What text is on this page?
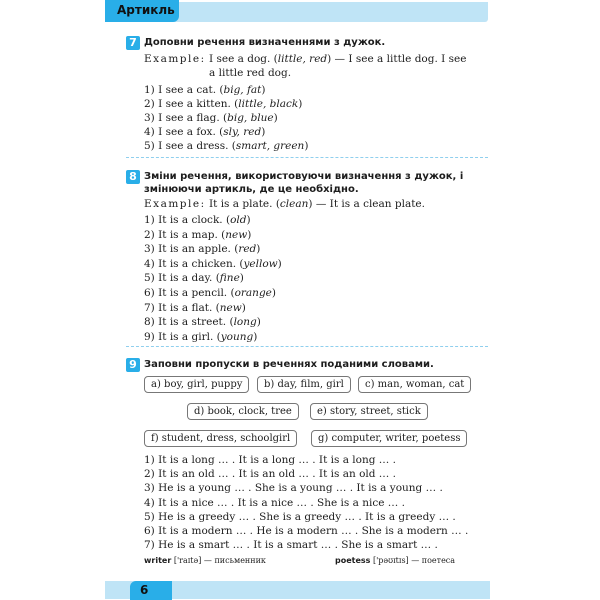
Артикль
7 Доповни речення визначеннями з дужок.
Example: I see a dog. (little, red) — I see a little dog. I see
a little red dog.
1) I see a cat. (big, fat)
2) I see a kitten. (little, black)
3) I see a flag. (big, blue)
4) I see a fox. (sly, red)
5) I see a dress. (smart, green)
8 Зміни речення, використовуючи визначення з дужок, і змінюючи артикль, де це необхідно.
Example: It is a plate. (clean) — It is a clean plate.
1) It is a clock. (old)
2) It is a map. (new)
3) It is an apple. (red)
4) It is a chicken. (yellow)
5) It is a day. (fine)
6) It is a pencil. (orange)
7) It is a flat. (new)
8) It is a street. (long)
9) It is a girl. (young)
9 Заповни пропуски в реченнях поданими словами.
a) boy, girl, puppy	b) day, film, girl	c) man, woman, cat
d) book, clock, tree	e) story, street, stick
f) student, dress, schoolgirl	g) computer, writer, poetess
1) It is a long … . It is a long … . It is a long … .
2) It is an old … . It is an old … . It is an old … .
3) He is a young … . She is a young … . It is a young … .
4) It is a nice … . It is a nice … . She is a nice … .
5) He is a greedy … . She is a greedy … . It is a greedy … .
6) It is a modern … . He is a modern … . She is a modern … .
7) He is a smart … . It is a smart … . She is a smart … .
writer ['raɪtə] — письменник	poetess ['pəʊɪtɪs] — поетеса
6
